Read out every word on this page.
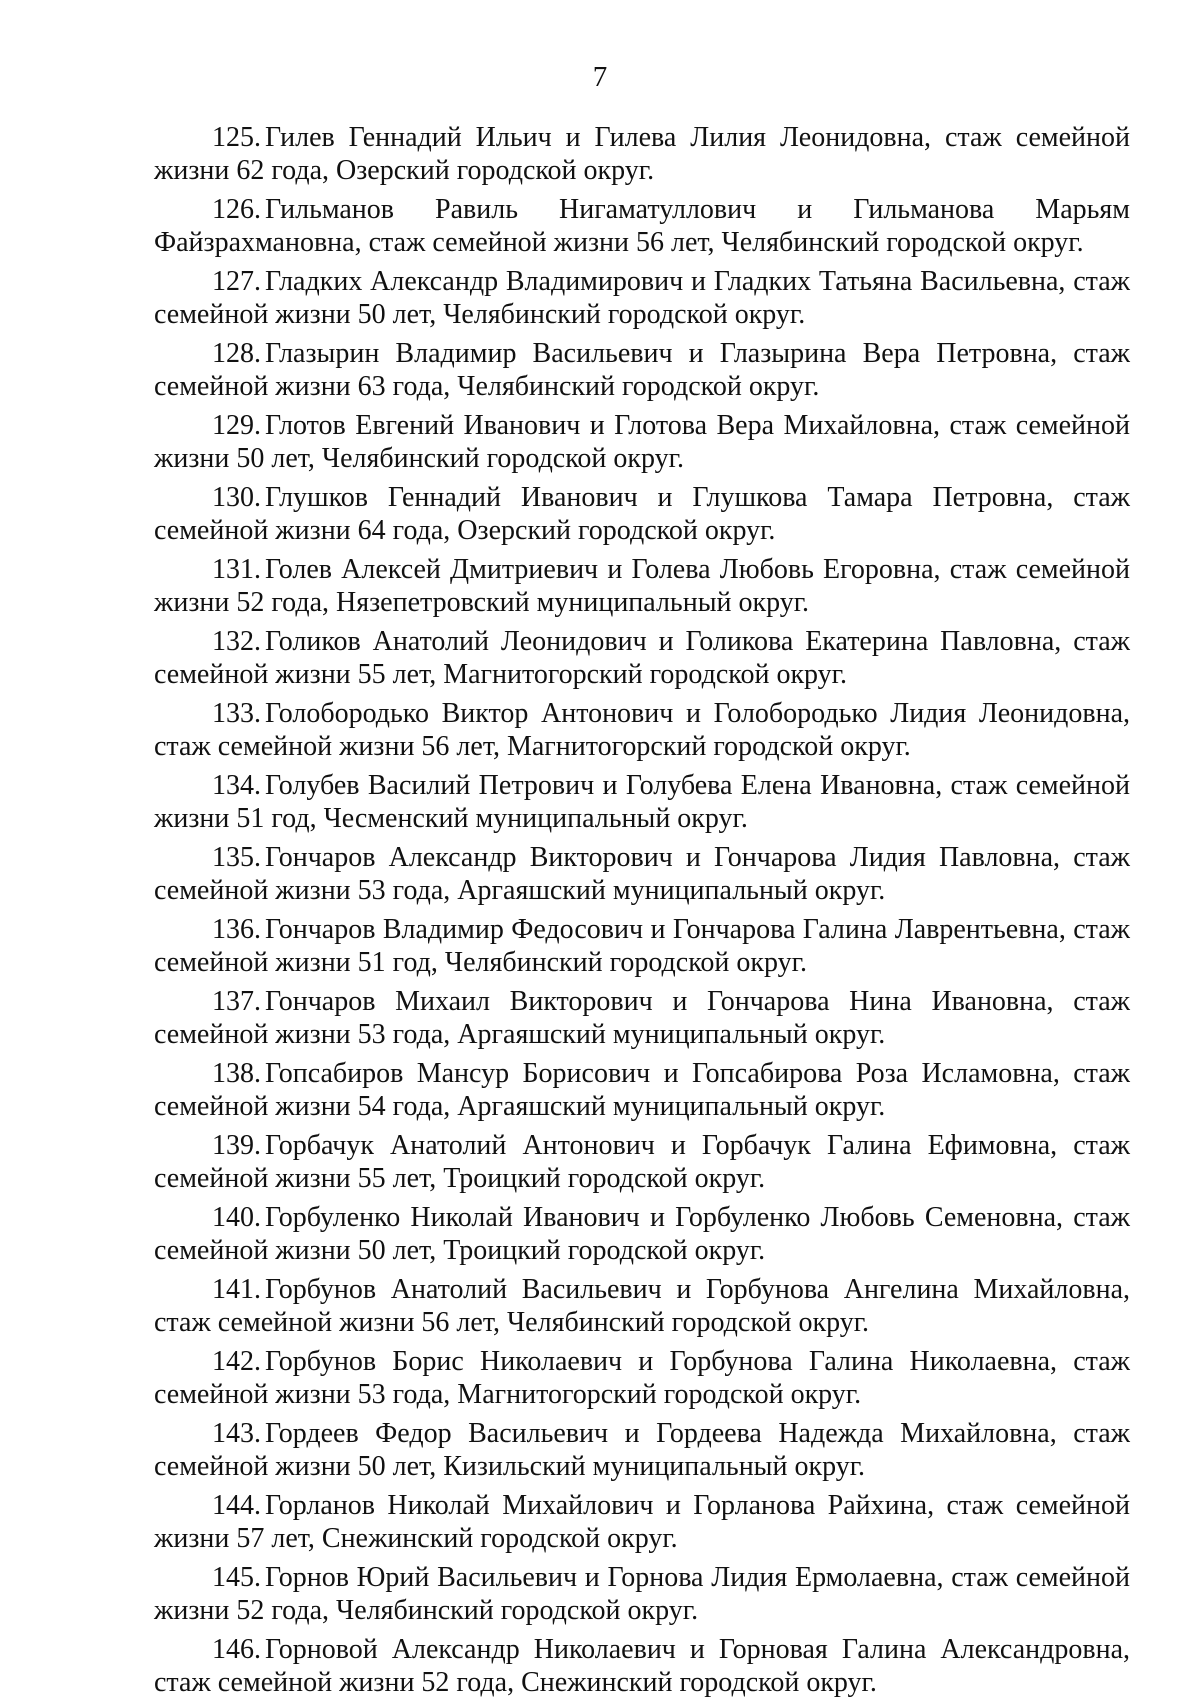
7

125. Гилев Геннадий Ильич и Гилева Лилия Леонидовна, стаж семейной жизни 62 года, Озерский городской округ.

126. Гильманов Равиль Нигаматуллович и Гильманова Марьям Файзрахмановна, стаж семейной жизни 56 лет, Челябинский городской округ.

127. Гладких Александр Владимирович и Гладких Татьяна Васильевна, стаж семейной жизни 50 лет, Челябинский городской округ.

128. Глазырин Владимир Васильевич и Глазырина Вера Петровна, стаж семейной жизни 63 года, Челябинский городской округ.

129. Глотов Евгений Иванович и Глотова Вера Михайловна, стаж семейной жизни 50 лет, Челябинский городской округ.

130. Глушков Геннадий Иванович и Глушкова Тамара Петровна, стаж семейной жизни 64 года, Озерский городской округ.

131. Голев Алексей Дмитриевич и Голева Любовь Егоровна, стаж семейной жизни 52 года, Нязепетровский муниципальный округ.

132. Голиков Анатолий Леонидович и Голикова Екатерина Павловна, стаж семейной жизни 55 лет, Магнитогорский городской округ.

133. Голобородько Виктор Антонович и Голобородько Лидия Леонидовна, стаж семейной жизни 56 лет, Магнитогорский городской округ.

134. Голубев Василий Петрович и Голубева Елена Ивановна, стаж семейной жизни 51 год, Чесменский муниципальный округ.

135. Гончаров Александр Викторович и Гончарова Лидия Павловна, стаж семейной жизни 53 года, Аргаяшский муниципальный округ.

136. Гончаров Владимир Федосович и Гончарова Галина Лаврентьевна, стаж семейной жизни 51 год, Челябинский городской округ.

137. Гончаров Михаил Викторович и Гончарова Нина Ивановна, стаж семейной жизни 53 года, Аргаяшский муниципальный округ.

138. Гопсабиров Мансур Борисович и Гопсабирова Роза Исламовна, стаж семейной жизни 54 года, Аргаяшский муниципальный округ.

139. Горбачук Анатолий Антонович и Горбачук Галина Ефимовна, стаж семейной жизни 55 лет, Троицкий городской округ.

140. Горбуленко Николай Иванович и Горбуленко Любовь Семеновна, стаж семейной жизни 50 лет, Троицкий городской округ.

141. Горбунов Анатолий Васильевич и Горбунова Ангелина Михайловна, стаж семейной жизни 56 лет, Челябинский городской округ.

142. Горбунов Борис Николаевич и Горбунова Галина Николаевна, стаж семейной жизни 53 года, Магнитогорский городской округ.

143. Гордеев Федор Васильевич и Гордеева Надежда Михайловна, стаж семейной жизни 50 лет, Кизильский муниципальный округ.

144. Горланов Николай Михайлович и Горланова Райхина, стаж семейной жизни 57 лет, Снежинский городской округ.

145. Горнов Юрий Васильевич и Горнова Лидия Ермолаевна, стаж семейной жизни 52 года, Челябинский городской округ.

146. Горновой Александр Николаевич и Горновая Галина Александровна, стаж семейной жизни 52 года, Снежинский городской округ.
